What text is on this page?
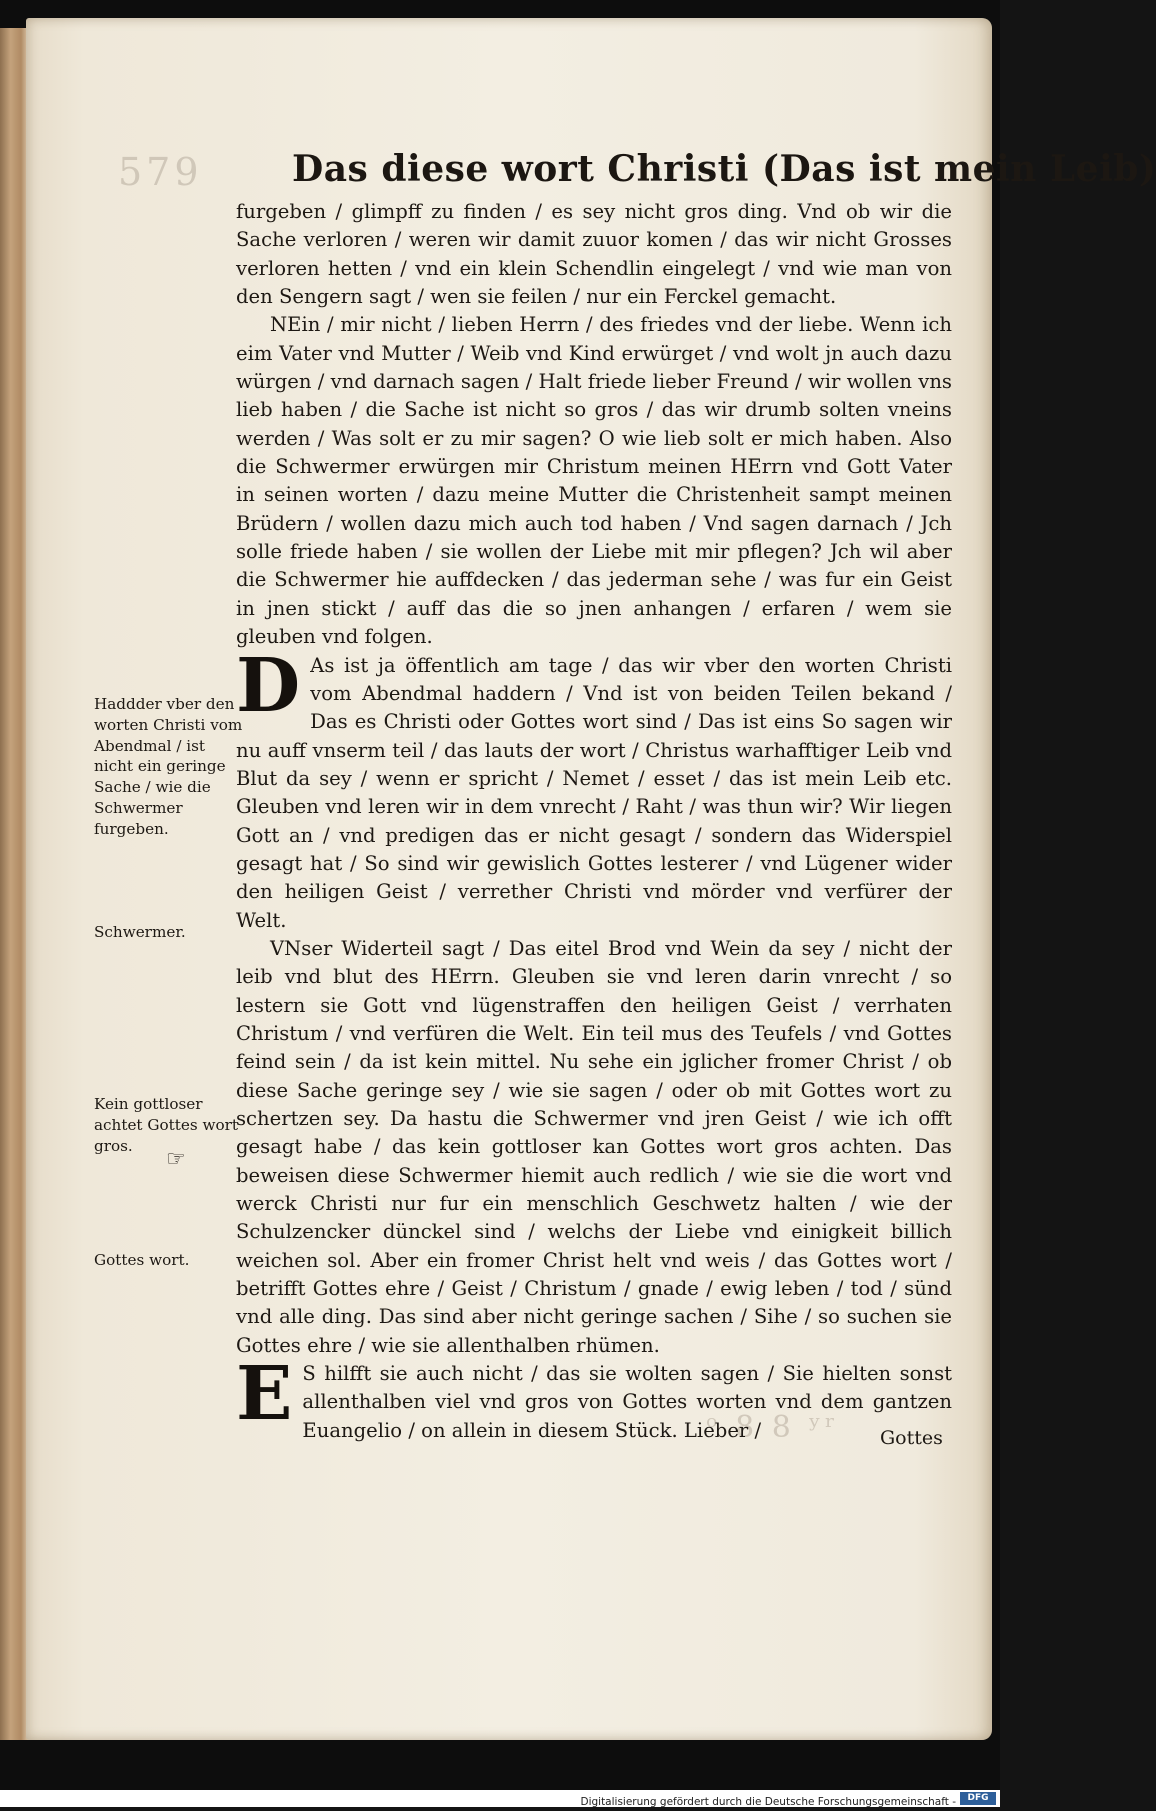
579
ᵒ 8 8 ʸʳ
Das diese wort Christi (Das ist mein Leib)

furgeben / glimpff zu finden / es sey nicht gros ding. Vnd ob wir die Sache verloren / weren wir damit zuuor komen / das wir nicht Grosses verloren hetten / vnd ein klein Schendlin eingelegt / vnd wie man von den Sengern sagt / wen sie feilen / nur ein Ferckel gemacht.

NEin / mir nicht / lieben Herrn / des friedes vnd der liebe. Wenn ich eim Vater vnd Mutter / Weib vnd Kind erwürget / vnd wolt jn auch dazu würgen / vnd darnach sagen / Halt friede lieber Freund / wir wollen vns lieb haben / die Sache ist nicht so gros / das wir drumb solten vneins werden / Was solt er zu mir sagen? O wie lieb solt er mich haben. Also die Schwermer erwürgen mir Christum meinen HErrn vnd Gott Vater in seinen worten / dazu meine Mutter die Christenheit sampt meinen Brüdern / wollen dazu mich auch tod haben / Vnd sagen darnach / Jch solle friede haben / sie wollen der Liebe mit mir pflegen? Jch wil aber die Schwermer hie auffdecken / das jederman sehe / was fur ein Geist in jnen stickt / auff das die so jnen anhangen / erfaren / wem sie gleuben vnd folgen.

D As ist ja öffentlich am tage / das wir vber den worten Christi vom Abendmal haddern / Vnd ist von beiden Teilen bekand / Das es Christi oder Gottes wort sind / Das ist eins So sagen wir nu auff vnserm teil / das lauts der wort / Christus warhafftiger Leib vnd Blut da sey / wenn er spricht / Nemet / esset / das ist mein Leib etc. Gleuben vnd leren wir in dem vnrecht / Raht / was thun wir? Wir liegen Gott an / vnd predigen das er nicht gesagt / sondern das Widerspiel gesagt hat / So sind wir gewislich Gottes lesterer / vnd Lügener wider den heiligen Geist / verrether Christi vnd mörder vnd verfürer der Welt.

VNser Widerteil sagt / Das eitel Brod vnd Wein da sey / nicht der leib vnd blut des HErrn. Gleuben sie vnd leren darin vnrecht / so lestern sie Gott vnd lügenstraffen den heiligen Geist / verrhaten Christum / vnd verfüren die Welt. Ein teil mus des Teufels / vnd Gottes feind sein / da ist kein mittel. Nu sehe ein jglicher fromer Christ / ob diese Sache geringe sey / wie sie sagen / oder ob mit Gottes wort zu schertzen sey. Da hastu die Schwermer vnd jren Geist / wie ich offt gesagt habe / das kein gottloser kan Gottes wort gros achten. Das beweisen diese Schwermer hiemit auch redlich / wie sie die wort vnd werck Christi nur fur ein menschlich Geschwetz halten / wie der Schulzencker dünckel sind / welchs der Liebe vnd einigkeit billich weichen sol. Aber ein fromer Christ helt vnd weis / das Gottes wort / betrifft Gottes ehre / Geist / Christum / gnade / ewig leben / tod / sünd vnd alle ding. Das sind aber nicht geringe sachen / Sihe / so suchen sie Gottes ehre / wie sie allenthalben rhümen.

E S hilfft sie auch nicht / das sie wolten sagen / Sie hielten sonst allenthalben viel vnd gros von Gottes worten vnd dem gantzen Euangelio / on allein in diesem Stück. Lieber /	Gottes
Haddder vber den worten Christi vom Abendmal / ist nicht ein geringe Sache / wie die Schwermer furgeben.
Schwermer.
Kein gottloser achtet Gottes wort gros.
☞
Gottes wort.
Digitalisierung gefördert durch die Deutsche Forschungsgemeinschaft -	DFG
